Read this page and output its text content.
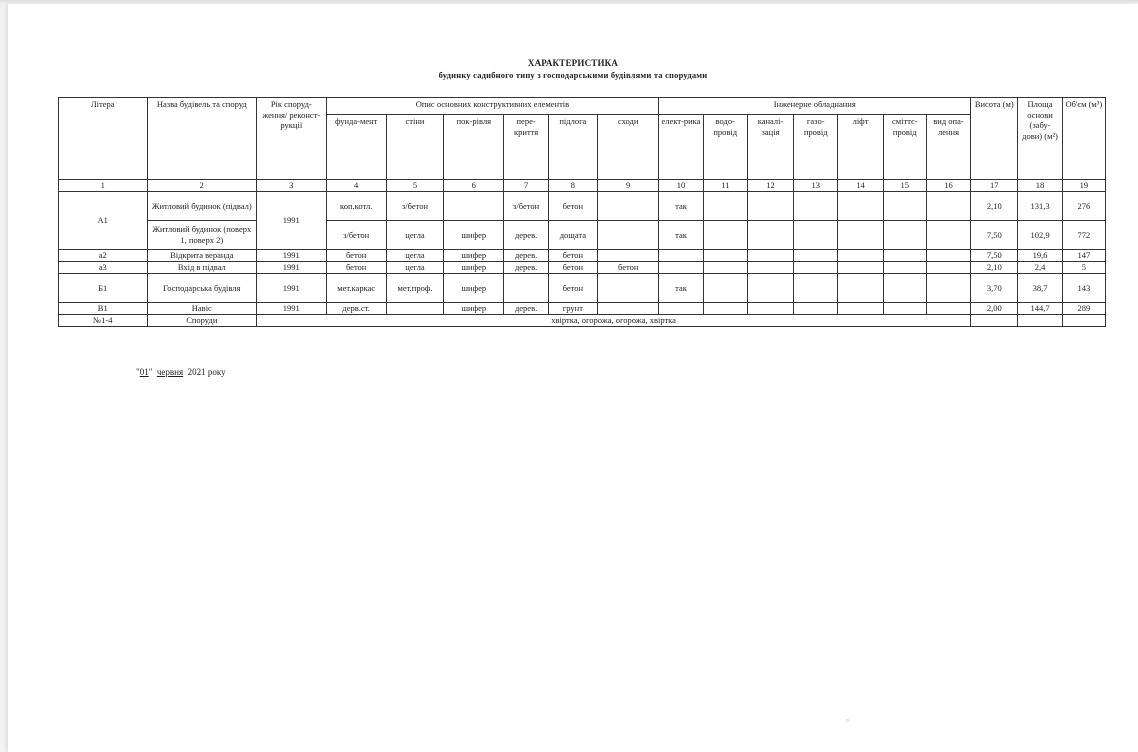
ХАРАКТЕРИСТИКА
будинку садибного типу з господарськими будівлями та спорудами
Літера	Назва будівель та споруд	Рік споруд-ження/ реконст-рукції	Опис основних конструктивних елементів						Інженерне обладнання							Висота (м)	Площа основи (забу-дови) (м²)	Об'єм (м³)
			фунда-мент	стіни	пок-рівля	пере-криття	підлога	сходи	елект-рика	водо-провід	каналі-зація	газо-провід	ліфт	сміттє-провід	вид опа-лення			
1	2	3	4	5	6	7	8	9	10	11	12	13	14	15	16	17	18	19
А1	Житловий будинок (підвал)	1991	коп.котл.	з/бетон		з/бетон	бетон		так							2,10	131,3	276
	Житловий будинок (поверх 1, поверх 2)		з/бетон	цегла	шифер	дерев.	дощата		так							7,50	102,9	772
а2	Відкрита веранда	1991	бетон	цегла	шифер	дерев.	бетон									7,50	19,6	147
а3	Вхід в підвал	1991	бетон	цегла	шифер	дерев.	бетон	бетон								2,10	2,4	5
Б1	Господарська будівля	1991	мет.каркас	мет.проф.	шифер		бетон		так							3,70	38,7	143
В1	Навіс	1991	дерв.ст.		шифер	дерев.	грунт									2,00	144,7	289
№1-4	Споруди	хвіртка, огорожа, огорожа, хвіртка																
"01" червня 2021 року
°
